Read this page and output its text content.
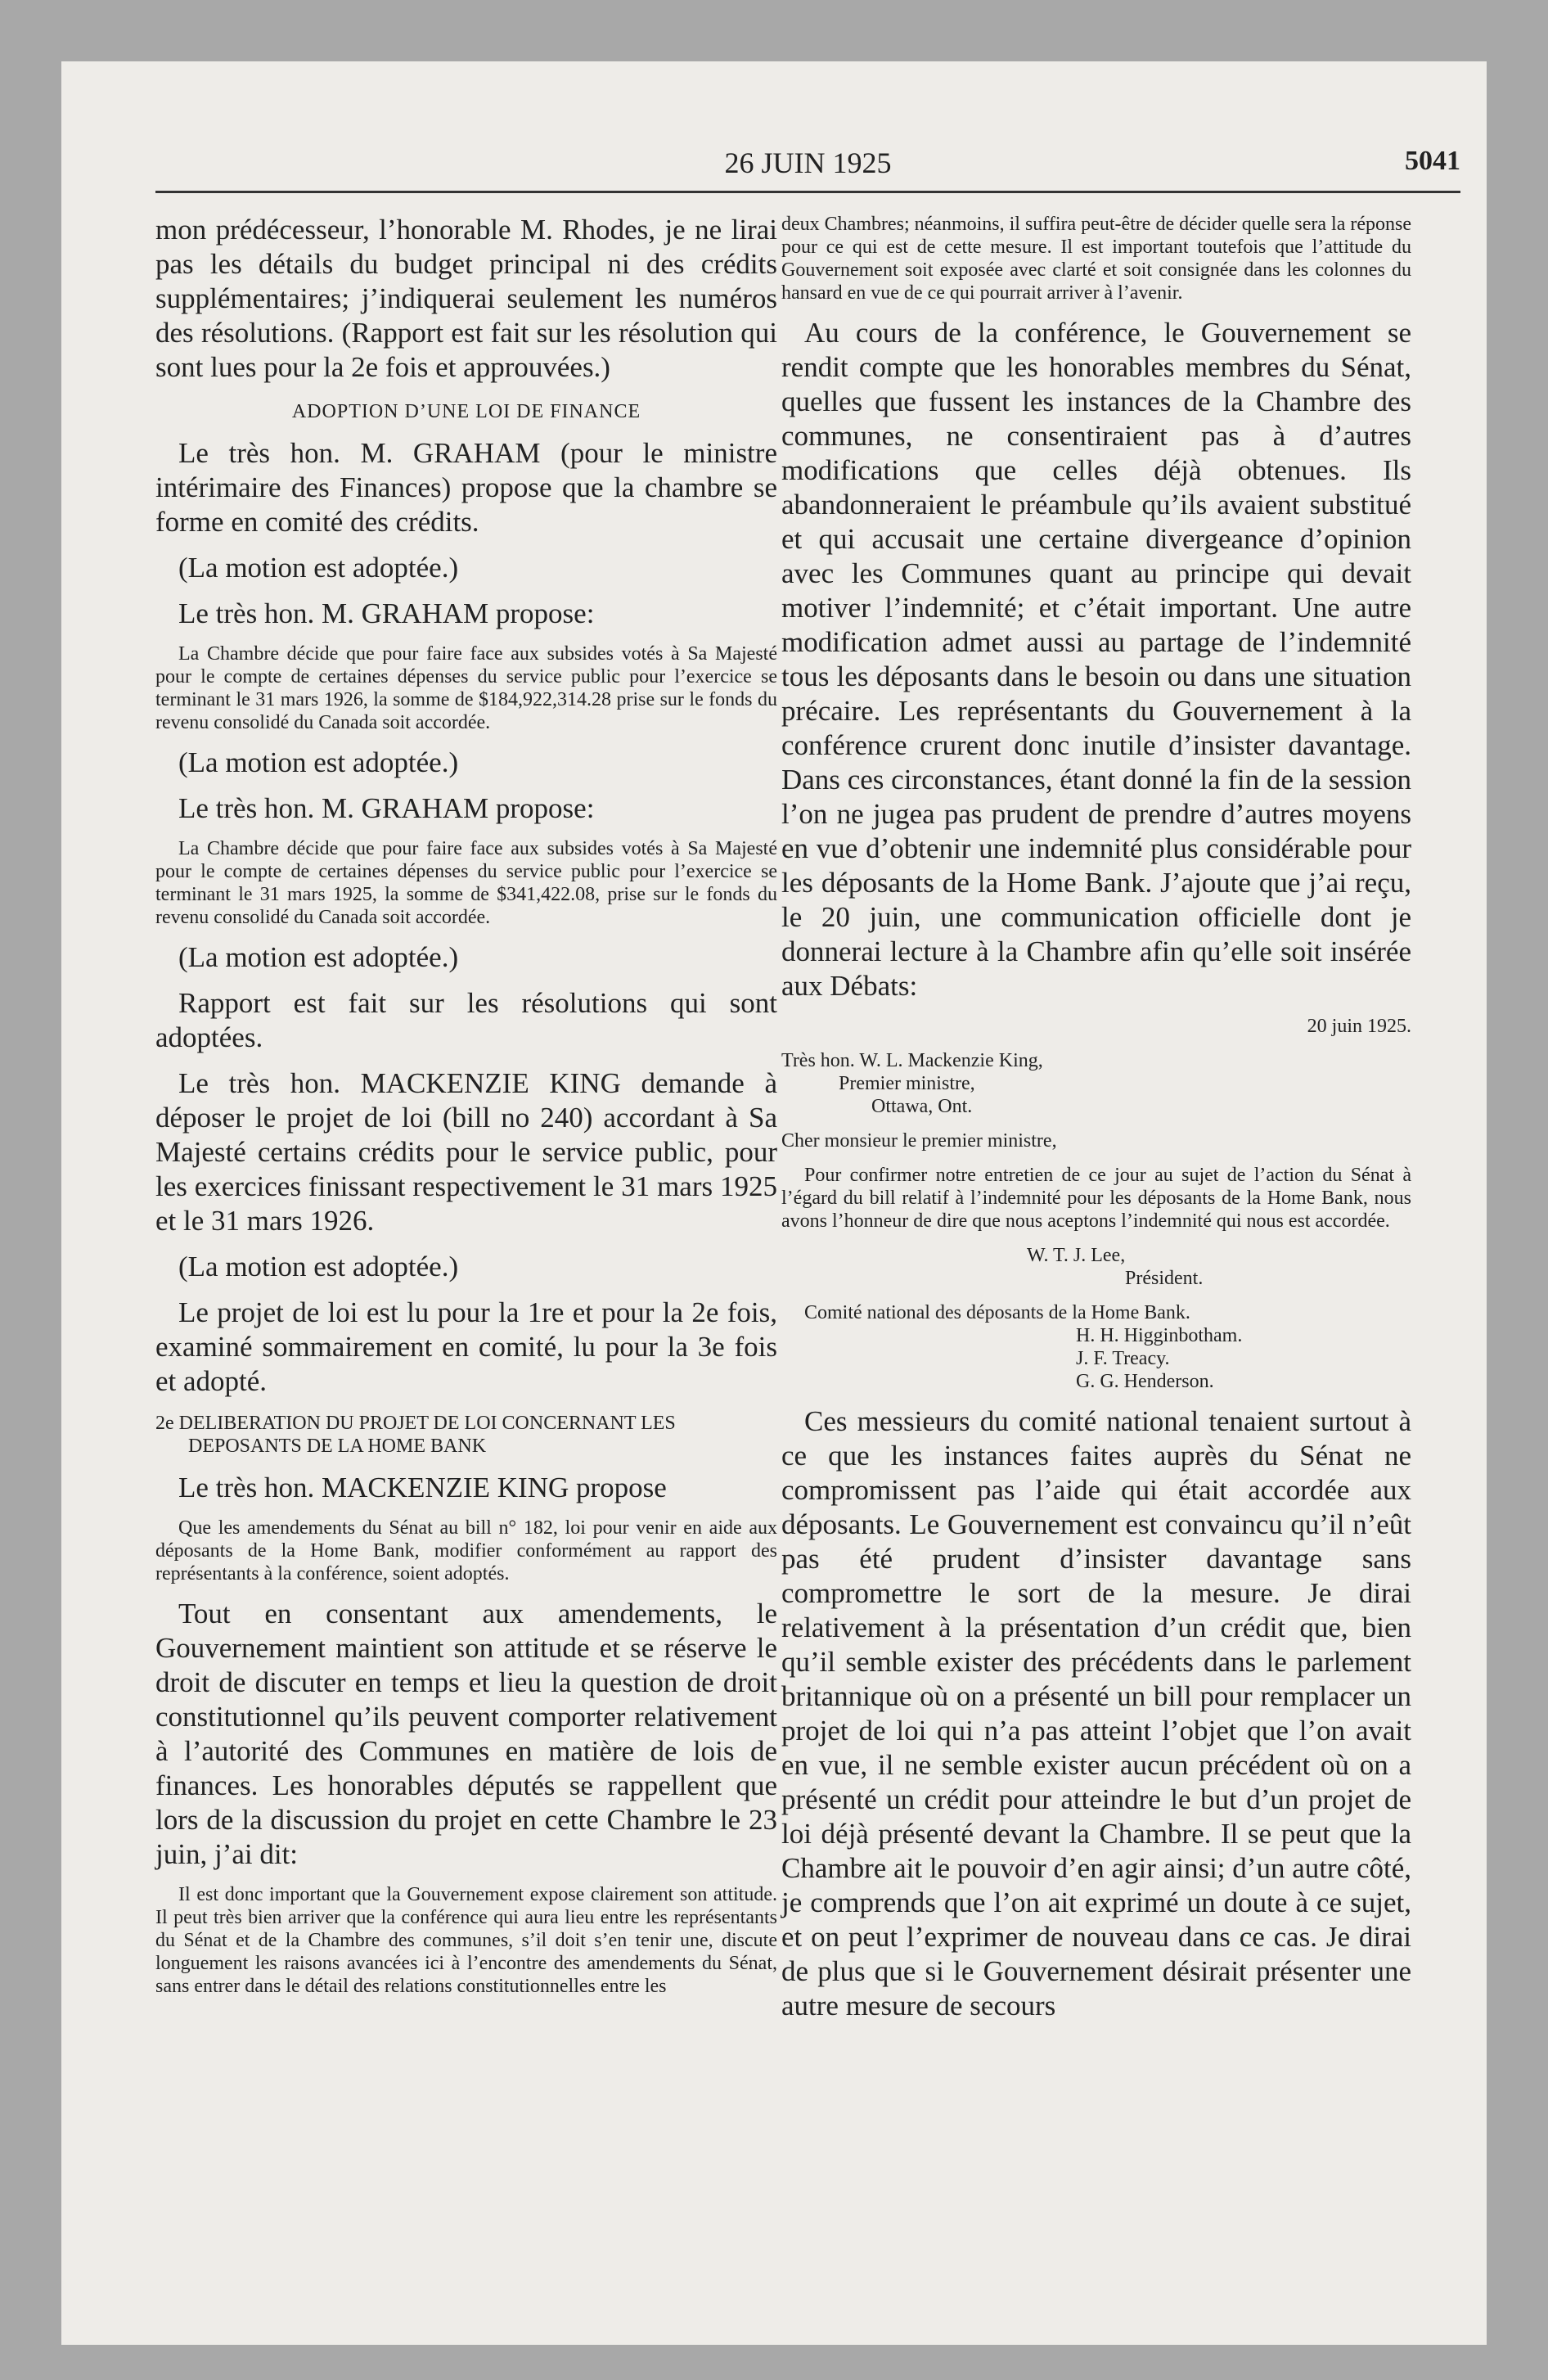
26 JUIN 1925	5041

mon prédécesseur, l’honorable M. Rhodes, je ne lirai pas les détails du budget principal ni des crédits supplémentaires; j’indiquerai seulement les numéros des résolutions. (Rapport est fait sur les résolution qui sont lues pour la 2e fois et approuvées.)

ADOPTION D’UNE LOI DE FINANCE

Le très hon. M. GRAHAM (pour le ministre intérimaire des Finances) propose que la chambre se forme en comité des crédits.

(La motion est adoptée.)

Le très hon. M. GRAHAM propose:

La Chambre décide que pour faire face aux subsides votés à Sa Majesté pour le compte de certaines dépenses du service public pour l’exercice se terminant le 31 mars 1926, la somme de $184,922,314.28 prise sur le fonds du revenu consolidé du Canada soit accordée.

(La motion est adoptée.)

Le très hon. M. GRAHAM propose:

La Chambre décide que pour faire face aux subsides votés à Sa Majesté pour le compte de certaines dépenses du service public pour l’exercice se terminant le 31 mars 1925, la somme de $341,422.08, prise sur le fonds du revenu consolidé du Canada soit accordée.

(La motion est adoptée.)

Rapport est fait sur les résolutions qui sont adoptées.

Le très hon. MACKENZIE KING demande à déposer le projet de loi (bill no 240) accordant à Sa Majesté certains crédits pour le service public, pour les exercices finissant respectivement le 31 mars 1925 et le 31 mars 1926.

(La motion est adoptée.)

Le projet de loi est lu pour la 1re et pour la 2e fois, examiné sommairement en comité, lu pour la 3e fois et adopté.

2e DELIBERATION DU PROJET DE LOI CONCERNANT LES DEPOSANTS DE LA HOME BANK

Le très hon. MACKENZIE KING propose

Que les amendements du Sénat au bill n° 182, loi pour venir en aide aux déposants de la Home Bank, modifier conformément au rapport des représentants à la conférence, soient adoptés.

Tout en consentant aux amendements, le Gouvernement maintient son attitude et se réserve le droit de discuter en temps et lieu la question de droit constitutionnel qu’ils peuvent comporter relativement à l’autorité des Communes en matière de lois de finances. Les honorables députés se rappellent que lors de la discussion du projet en cette Chambre le 23 juin, j’ai dit:

Il est donc important que la Gouvernement expose clairement son attitude. Il peut très bien arriver que la conférence qui aura lieu entre les représentants du Sénat et de la Chambre des communes, s’il doit s’en tenir une, discute longuement les raisons avancées ici à l’encontre des amendements du Sénat, sans entrer dans le détail des relations constitutionnelles entre les

deux Chambres; néanmoins, il suffira peut-être de décider quelle sera la réponse pour ce qui est de cette mesure. Il est important toutefois que l’attitude du Gouvernement soit exposée avec clarté et soit consignée dans les colonnes du hansard en vue de ce qui pourrait arriver à l’avenir.

Au cours de la conférence, le Gouvernement se rendit compte que les honorables membres du Sénat, quelles que fussent les instances de la Chambre des communes, ne consentiraient pas à d’autres modifications que celles déjà obtenues. Ils abandonneraient le préambule qu’ils avaient substitué et qui accusait une certaine divergeance d’opinion avec les Communes quant au principe qui devait motiver l’indemnité; et c’était important. Une autre modification admet aussi au partage de l’indemnité tous les déposants dans le besoin ou dans une situation précaire. Les représentants du Gouvernement à la conférence crurent donc inutile d’insister davantage. Dans ces circonstances, étant donné la fin de la session l’on ne jugea pas prudent de prendre d’autres moyens en vue d’obtenir une indemnité plus considérable pour les déposants de la Home Bank. J’ajoute que j’ai reçu, le 20 juin, une communication officielle dont je donnerai lecture à la Chambre afin qu’elle soit insérée aux Débats:

20 juin 1925.

Très hon. W. L. Mackenzie King,

Premier ministre,

Ottawa, Ont.

Cher monsieur le premier ministre,

Pour confirmer notre entretien de ce jour au sujet de l’action du Sénat à l’égard du bill relatif à l’indemnité pour les déposants de la Home Bank, nous avons l’honneur de dire que nous aceptons l’indemnité qui nous est accordée.

W. T. J. Lee,

Président.

Comité national des déposants de la Home Bank.

H. H. Higginbotham.

J. F. Treacy.

G. G. Henderson.

Ces messieurs du comité national tenaient surtout à ce que les instances faites auprès du Sénat ne compromissent pas l’aide qui était accordée aux déposants. Le Gouvernement est convaincu qu’il n’eût pas été prudent d’insister davantage sans compromettre le sort de la mesure. Je dirai relativement à la présentation d’un crédit que, bien qu’il semble exister des précédents dans le parlement britannique où on a présenté un bill pour remplacer un projet de loi qui n’a pas atteint l’objet que l’on avait en vue, il ne semble exister aucun précédent où on a présenté un crédit pour atteindre le but d’un projet de loi déjà présenté devant la Chambre. Il se peut que la Chambre ait le pouvoir d’en agir ainsi; d’un autre côté, je comprends que l’on ait exprimé un doute à ce sujet, et on peut l’exprimer de nouveau dans ce cas. Je dirai de plus que si le Gouvernement désirait présenter une autre mesure de secours
